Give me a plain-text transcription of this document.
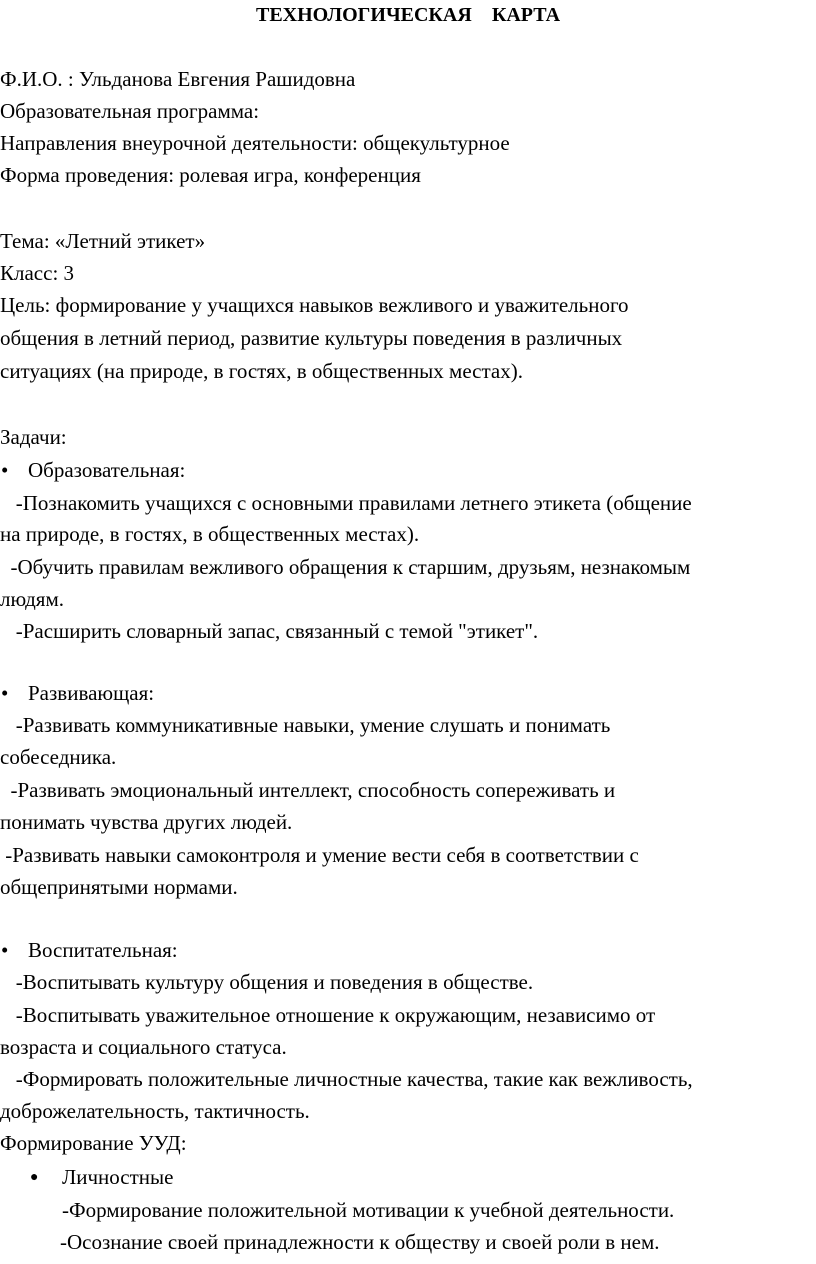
ТЕХНОЛОГИЧЕСКАЯ    КАРТА
Ф.И.О. : Ульданова Евгения Рашидовна
Образовательная программа:
Направления внеурочной деятельности: общекультурное
Форма проведения: ролевая игра, конференция
Тема: «Летний этикет»
Класс: 3
Цель: формирование у учащихся навыков вежливого и уважительного
общения в летний период, развитие культуры поведения в различных
ситуациях (на природе, в гостях, в общественных местах).
Задачи:
• Образовательная:
-Познакомить учащихся с основными правилами летнего этикета (общение
на природе, в гостях, в общественных местах).
-Обучить правилам вежливого обращения к старшим, друзьям, незнакомым
людям.
-Расширить словарный запас, связанный с темой "этикет".
• Развивающая:
-Развивать коммуникативные навыки, умение слушать и понимать
собеседника.
-Развивать эмоциональный интеллект, способность сопереживать и
понимать чувства других людей.
-Развивать навыки самоконтроля и умение вести себя в соответствии с
общепринятыми нормами.
• Воспитательная:
-Воспитывать культуру общения и поведения в обществе.
-Воспитывать уважительное отношение к окружающим, независимо от
возраста и социального статуса.
-Формировать положительные личностные качества, такие как вежливость,
доброжелательность, тактичность.
Формирование УУД:
● Личностные
-Формирование положительной мотивации к учебной деятельности.
-Осознание своей принадлежности к обществу и своей роли в нем.
